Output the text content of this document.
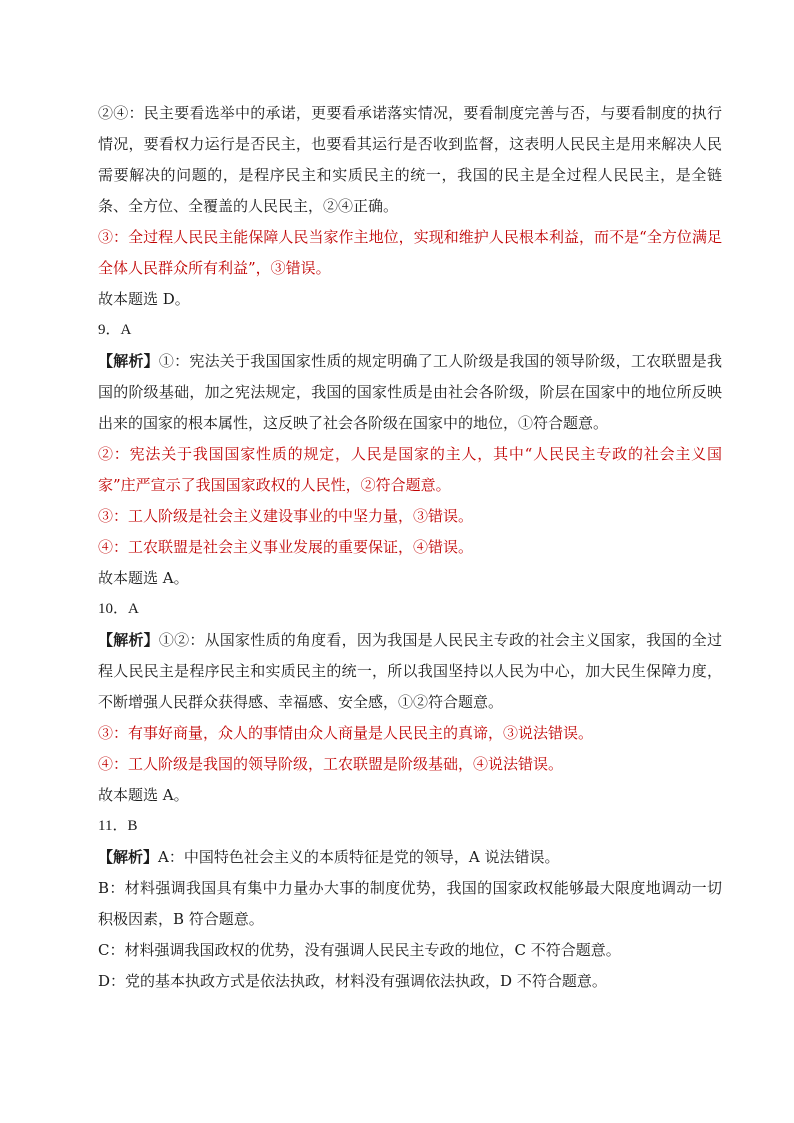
②④：民主要看选举中的承诺，更要看承诺落实情况，要看制度完善与否，与要看制度的执行情况，要看权力运行是否民主，也要看其运行是否收到监督，这表明人民民主是用来解决人民需要解决的问题的，是程序民主和实质民主的统一，我国的民主是全过程人民民主，是全链条、全方位、全覆盖的人民民主，②④正确。

③：全过程人民民主能保障人民当家作主地位，实现和维护人民根本利益，而不是“全方位满足全体人民群众所有利益”，③错误。

故本题选 D。

9．A

【解析】①：宪法关于我国国家性质的规定明确了工人阶级是我国的领导阶级，工农联盟是我国的阶级基础，加之宪法规定，我国的国家性质是由社会各阶级，阶层在国家中的地位所反映出来的国家的根本属性，这反映了社会各阶级在国家中的地位，①符合题意。

②：宪法关于我国国家性质的规定，人民是国家的主人，其中“人民民主专政的社会主义国家”庄严宣示了我国国家政权的人民性，②符合题意。

③：工人阶级是社会主义建设事业的中坚力量，③错误。

④：工农联盟是社会主义事业发展的重要保证，④错误。

故本题选 A。

10．A

【解析】①②：从国家性质的角度看，因为我国是人民民主专政的社会主义国家，我国的全过程人民民主是程序民主和实质民主的统一，所以我国坚持以人民为中心，加大民生保障力度，不断增强人民群众获得感、幸福感、安全感，①②符合题意。

③：有事好商量，众人的事情由众人商量是人民民主的真谛，③说法错误。

④：工人阶级是我国的领导阶级，工农联盟是阶级基础，④说法错误。

故本题选 A。

11．B

【解析】A：中国特色社会主义的本质特征是党的领导，A 说法错误。

B：材料强调我国具有集中力量办大事的制度优势，我国的国家政权能够最大限度地调动一切积极因素，B 符合题意。

C：材料强调我国政权的优势，没有强调人民民主专政的地位，C 不符合题意。

D：党的基本执政方式是依法执政，材料没有强调依法执政，D 不符合题意。
